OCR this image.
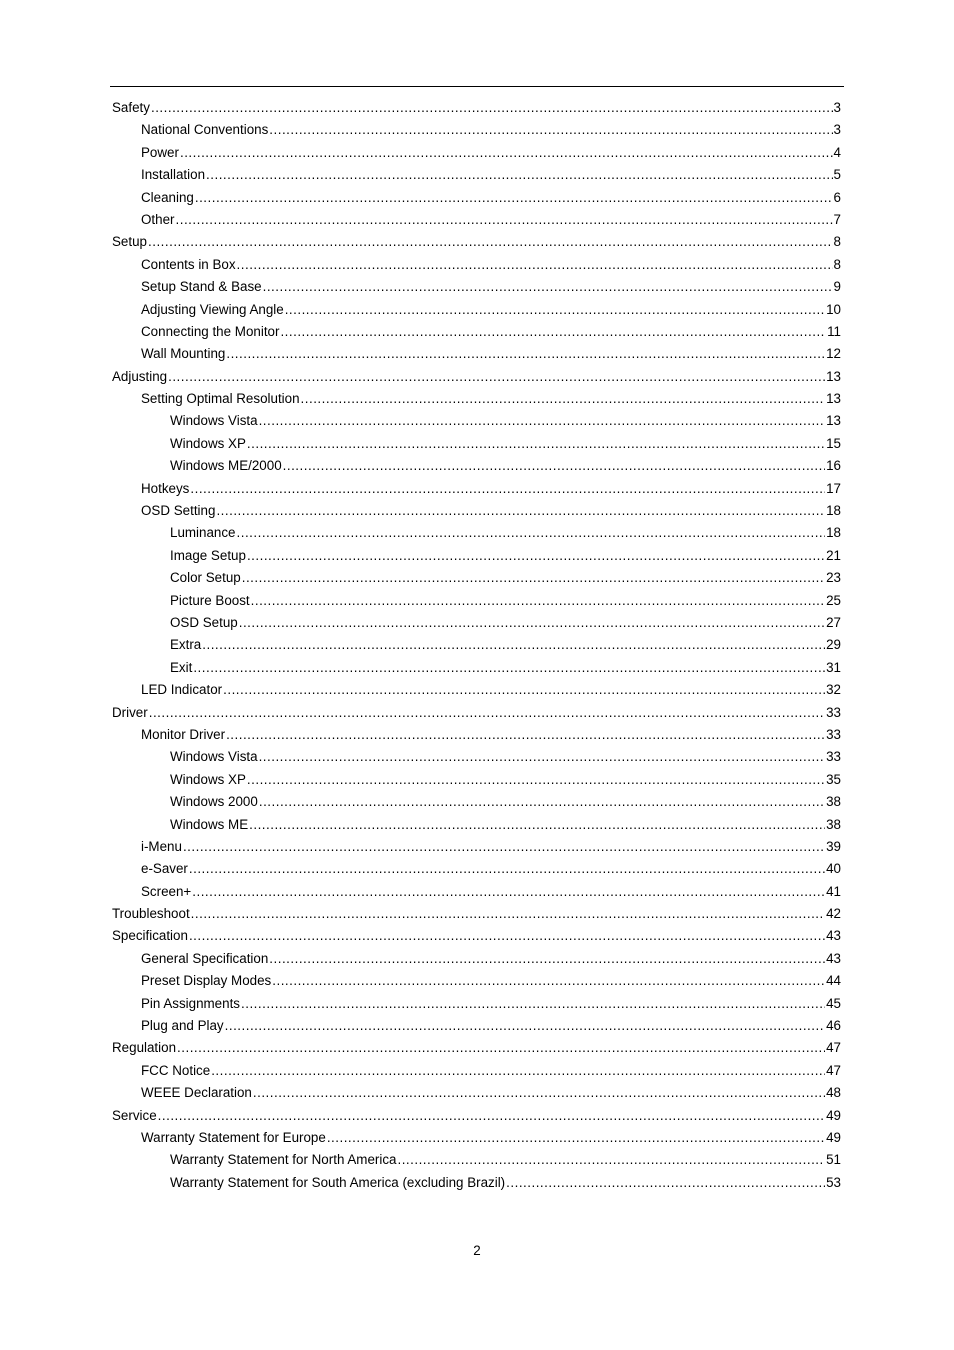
Safety .....	3
National Conventions .....	3
Power .....	4
Installation .....	5
Cleaning .....	6
Other .....	7
Setup .....	8
Contents in Box .....	8
Setup Stand & Base .....	9
Adjusting Viewing Angle .....	10
Connecting the Monitor .....	11
Wall Mounting .....	12
Adjusting .....	13
Setting Optimal Resolution .....	13
Windows Vista .....	13
Windows XP .....	15
Windows ME/2000 .....	16
Hotkeys .....	17
OSD Setting .....	18
Luminance .....	18
Image Setup .....	21
Color Setup .....	23
Picture Boost .....	25
OSD Setup .....	27
Extra .....	29
Exit .....	31
LED Indicator .....	32
Driver .....	33
Monitor Driver .....	33
Windows Vista .....	33
Windows XP .....	35
Windows 2000 .....	38
Windows ME .....	38
i-Menu .....	39
e-Saver .....	40
Screen+ .....	41
Troubleshoot .....	42
Specification .....	43
General Specification .....	43
Preset Display Modes .....	44
Pin Assignments .....	45
Plug and Play .....	46
Regulation .....	47
FCC Notice .....	47
WEEE Declaration .....	48
Service .....	49
Warranty Statement for Europe .....	49
Warranty Statement for North America .....	51
Warranty Statement for South America (excluding Brazil) .....	53
2
